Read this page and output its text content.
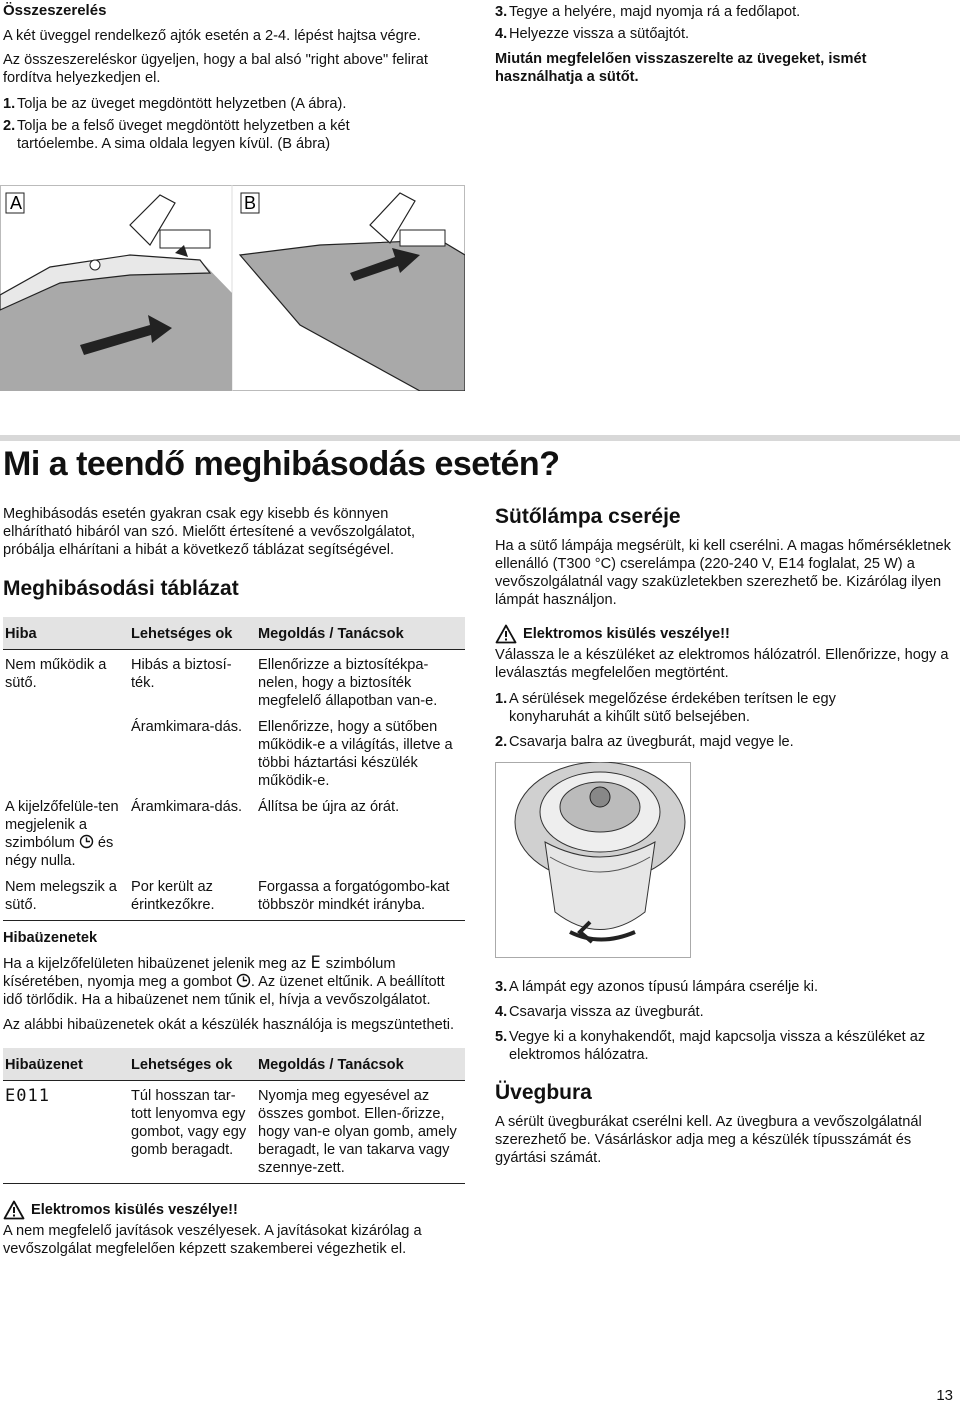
Összeszerelés

A két üveggel rendelkező ajtók esetén a 2-4. lépést hajtsa végre.

Az összeszereléskor ügyeljen, hogy a bal alsó "right above" felirat fordítva helyezkedjen el.

1. Tolja be az üveget megdöntött helyzetben (A ábra).
2. Tolja be a felső üveget megdöntött helyzetben a két tartóelembe. A sima oldala legyen kívül. (B ábra)
A	B
3. Tegye a helyére, majd nyomja rá a fedőlapot.
4. Helyezze vissza a sütőajtót.

Miután megfelelően visszaszerelte az üvegeket, ismét használhatja a sütőt.

Mi a teendő meghibásodás esetén?

Meghibásodás esetén gyakran csak egy kisebb és könnyen elhárítható hibáról van szó. Mielőtt értesítené a vevőszolgálatot, próbálja elhárítani a hibát a következő táblázat segítségével.

Meghibásodási táblázat

Hiba	Lehetséges ok	Megoldás / Tanácsok
Nem működik a sütő.	Hibás a biztosí-ték.	Ellenőrizze a biztosítékpa-nelen, hogy a biztosíték megfelelő állapotban van-e.
	Áramkimara-dás.	Ellenőrizze, hogy a sütőben működik-e a világítás, illetve a többi háztartási készülék működik-e.
A kijelzőfelüle-ten megjelenik a szimbólum és négy nulla.	Áramkimara-dás.	Állítsa be újra az órát.
Nem melegszik a sütő.	Por került az érintkezőkre.	Forgassa a forgatógombo-kat többször mindkét irányba.

Hibaüzenetek

Ha a kijelzőfelületen hibaüzenet jelenik meg az E szimbólum kíséretében, nyomja meg a gombot . Az üzenet eltűnik. A beállított idő törlődik. Ha a hibaüzenet nem tűnik el, hívja a vevőszolgálatot.

Az alábbi hibaüzenetek okát a készülék használója is megszüntetheti.

Hibaüzenet	Lehetséges ok	Megoldás / Tanácsok
E011	Túl hosszan tar-tott lenyomva egy gombot, vagy egy gomb beragadt.	Nyomja meg egyesével az összes gombot. Ellen-őrizze, hogy van-e olyan gomb, amely beragadt, le van takarva vagy szennye-zett.
Elektromos kisülés veszélye!!

A nem megfelelő javítások veszélyesek. A javításokat kizárólag a vevőszolgálat megfelelően képzett szakemberei végezhetik el.

Sütőlámpa cseréje

Ha a sütő lámpája megsérült, ki kell cserélni. A magas hőmérsékletnek ellenálló (T300 °C) cserelámpa (220-240 V, E14 foglalat, 25 W) a vevőszolgálatnál vagy szaküzletekben szerezhető be. Kizárólag ilyen lámpát használjon.

Elektromos kisülés veszélye!!

Válassza le a készüléket az elektromos hálózatról. Ellenőrizze, hogy a leválasztás megfelelően megtörtént.

1. A sérülések megelőzése érdekében terítsen le egy konyharuhát a kihűlt sütő belsejében.
2. Csavarja balra az üvegburát, majd vegye le.
3. A lámpát egy azonos típusú lámpára cserélje ki.
4. Csavarja vissza az üvegburát.
5. Vegye ki a konyhakendőt, majd kapcsolja vissza a készüléket az elektromos hálózatra.

Üvegbura

A sérült üvegburákat cserélni kell. Az üvegbura a vevőszolgálatnál szerezhető be. Vásárláskor adja meg a készülék típusszámát és gyártási számát.

13
